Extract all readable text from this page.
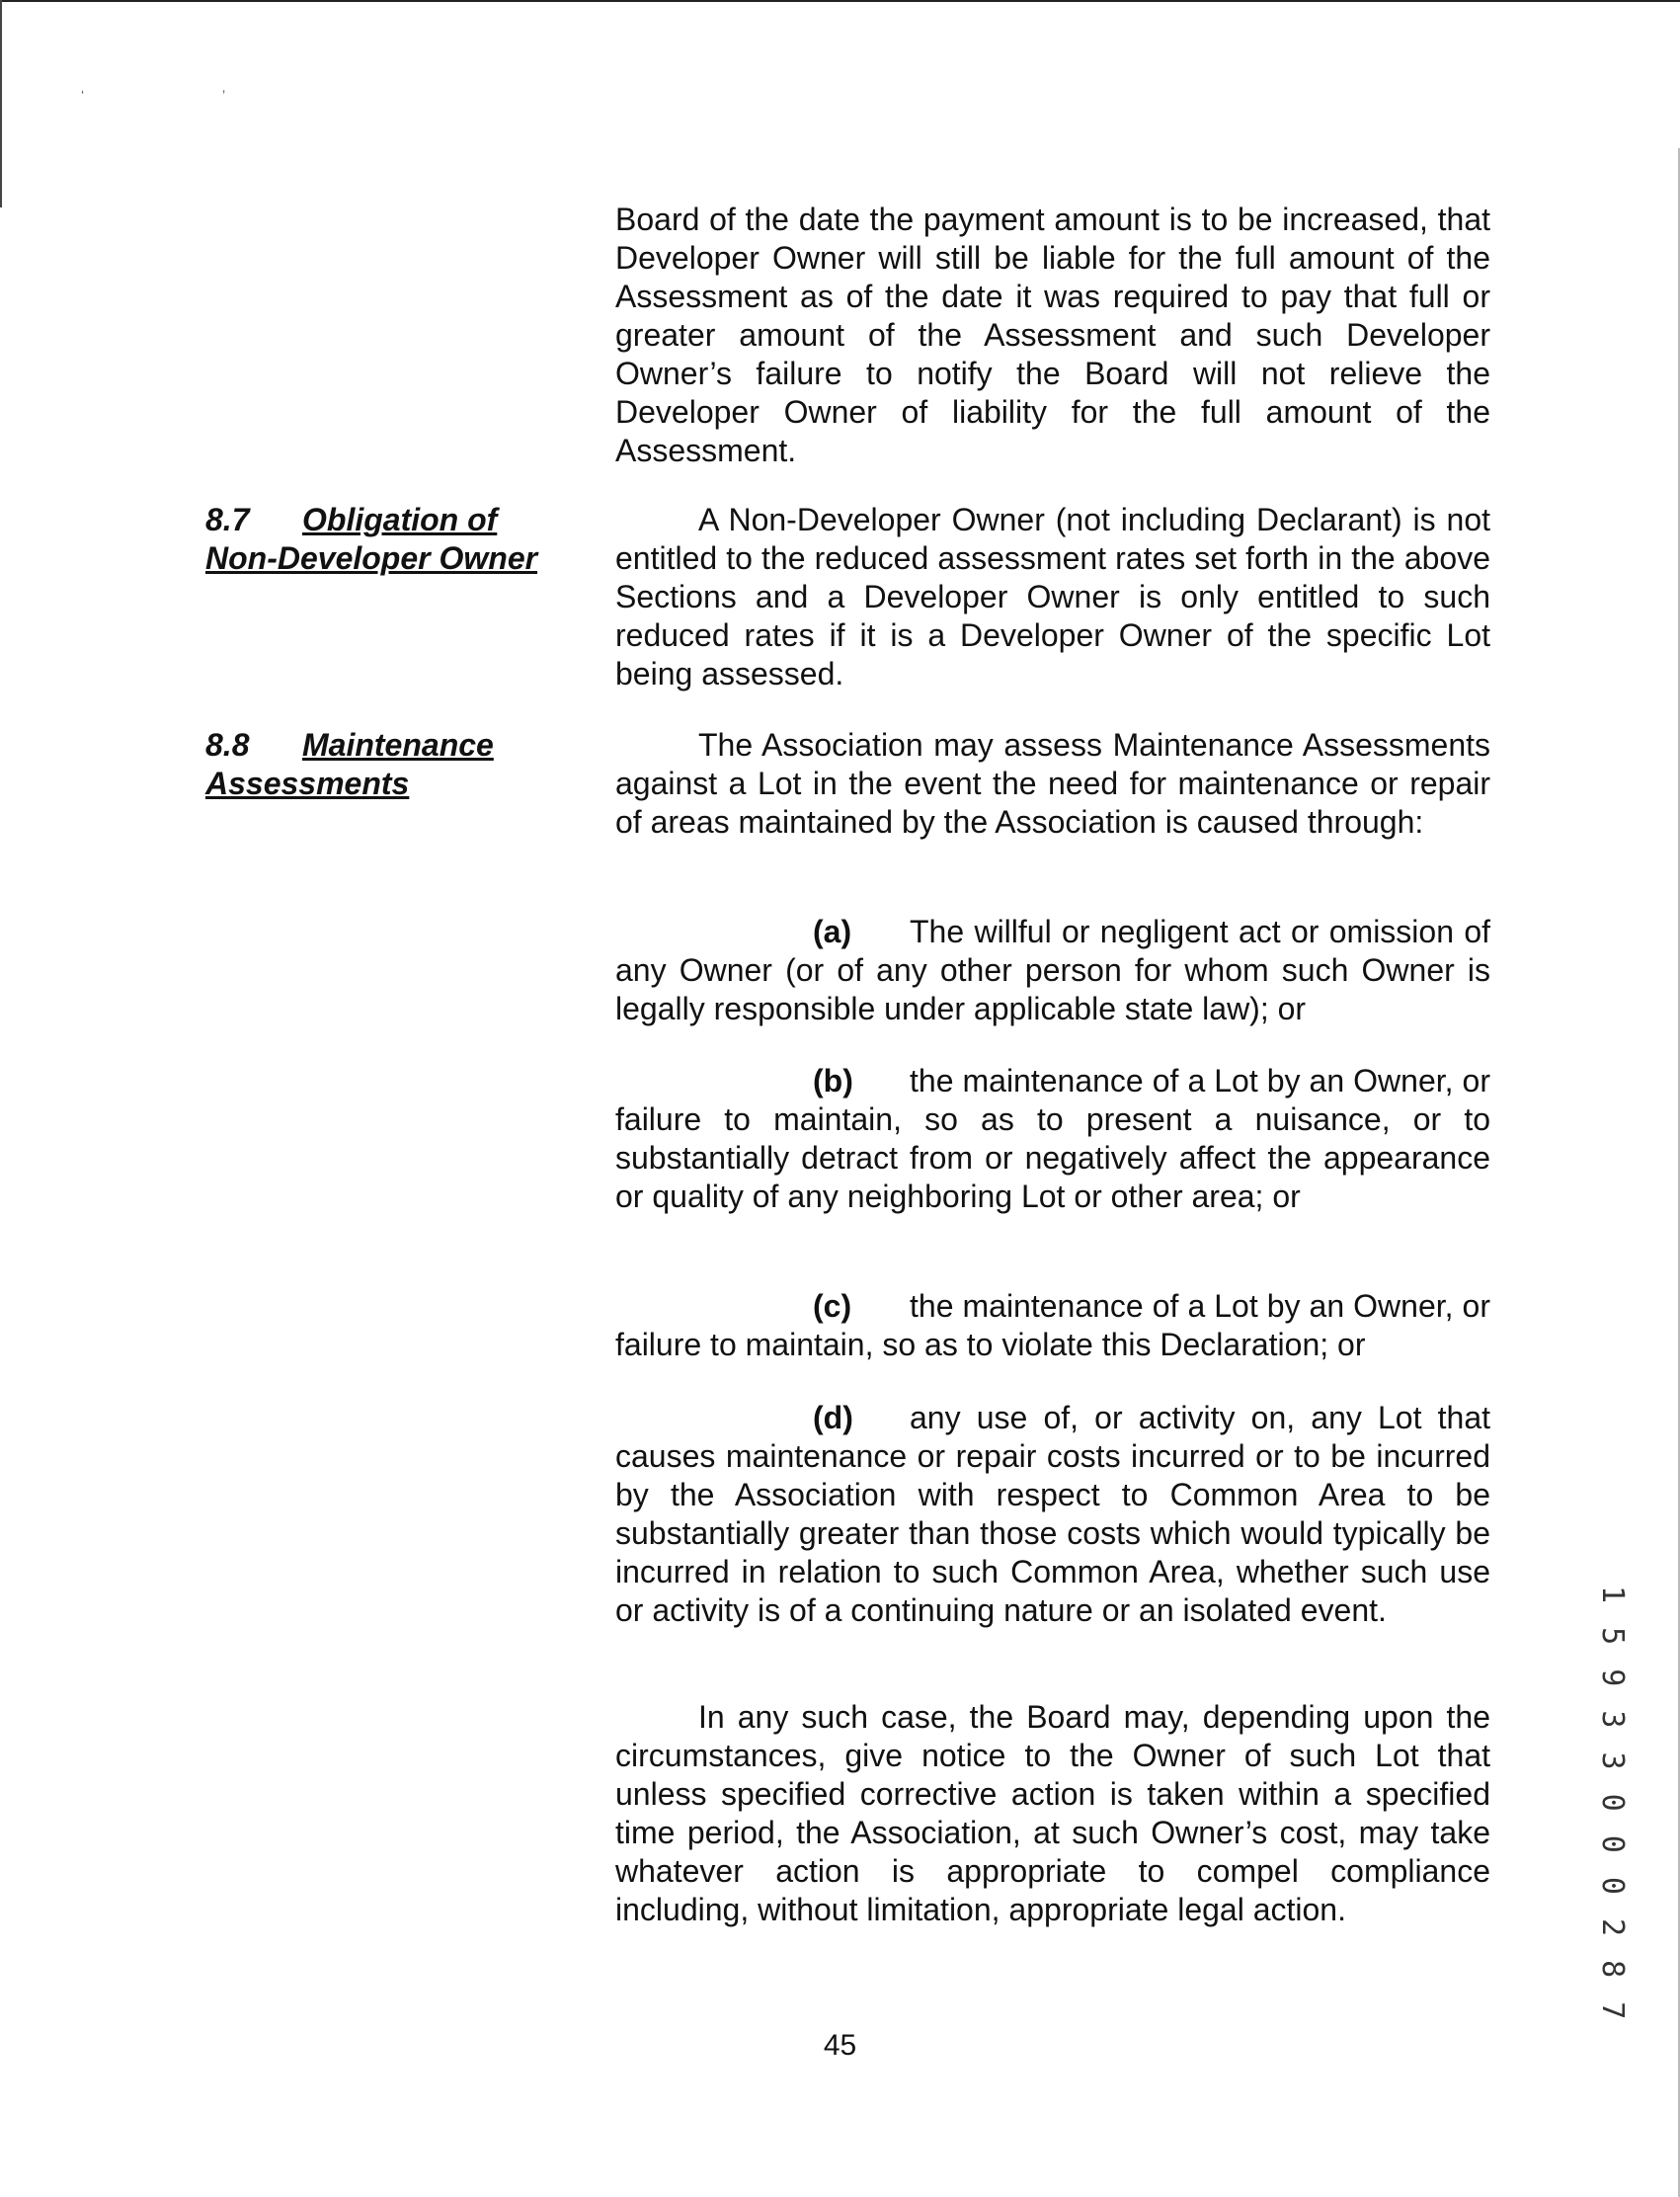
‘ ’

Board of the date the payment amount is to be increased, that Developer Owner will still be liable for the full amount of the Assessment as of the date it was required to pay that full or greater amount of the Assessment and such Developer Owner’s failure to notify the Board will not relieve the Developer Owner of liability for the full amount of the Assessment.

8.7 Obligation of
Non-Developer Owner

A Non-Developer Owner (not including Declarant) is not entitled to the reduced assessment rates set forth in the above Sections and a Developer Owner is only entitled to such reduced rates if it is a Developer Owner of the specific Lot being assessed.

8.8 Maintenance
Assessments

The Association may assess Maintenance Assessments against a Lot in the event the need for maintenance or repair of areas maintained by the Association is caused through:

(a) The willful or negligent act or omission of any Owner (or of any other person for whom such Owner is legally responsible under applicable state law); or

(b) the maintenance of a Lot by an Owner, or failure to maintain, so as to present a nuisance, or to substantially detract from or negatively affect the appearance or quality of any neighboring Lot or other area; or

(c) the maintenance of a Lot by an Owner, or failure to maintain, so as to violate this Declaration; or

(d) any use of, or activity on, any Lot that causes maintenance or repair costs incurred or to be incurred by the Association with respect to Common Area to be substantially greater than those costs which would typically be incurred in relation to such Common Area, whether such use or activity is of a continuing nature or an isolated event.

In any such case, the Board may, depending upon the circumstances, give notice to the Owner of such Lot that unless specified corrective action is taken within a specified time period, the Association, at such Owner’s cost, may take whatever action is appropriate to compel compliance including, without limitation, appropriate legal action.	1 5 9 3 3 0 0 0 2 8 7
45
